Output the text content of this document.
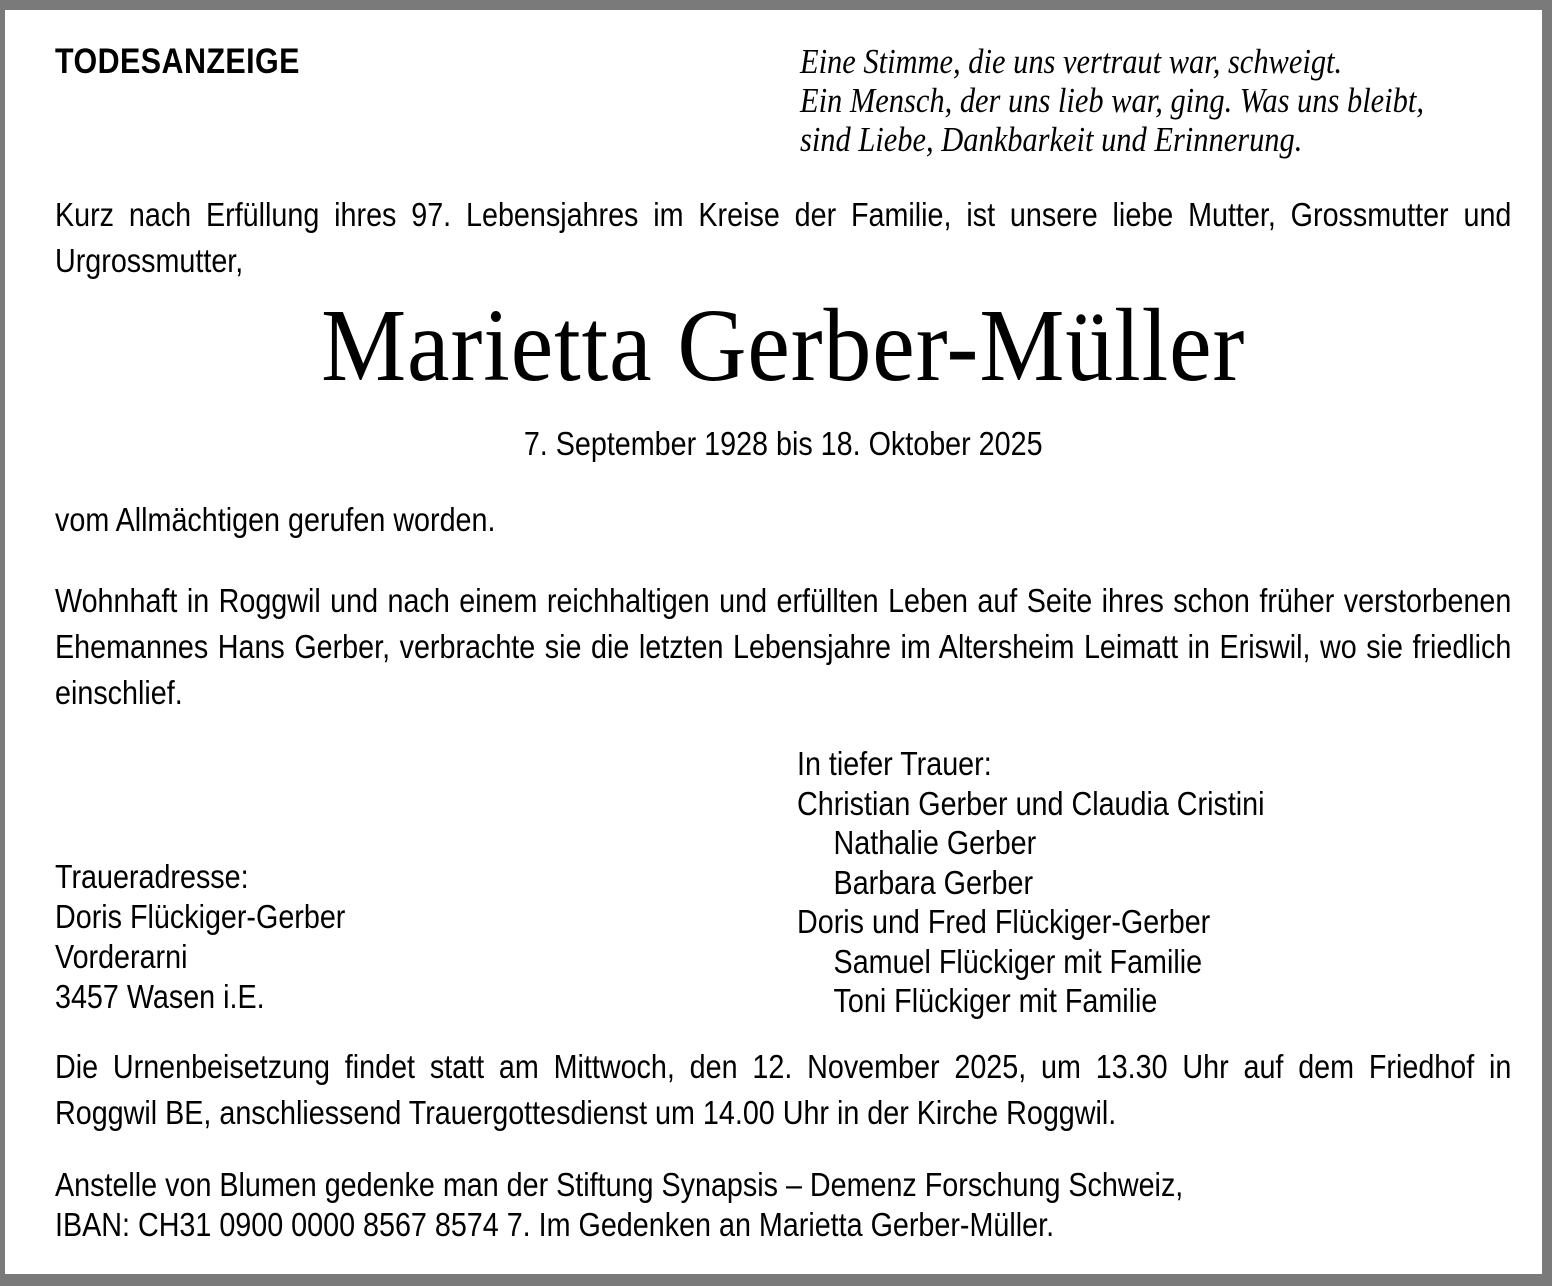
TODESANZEIGE	Eine Stimme, die uns vertraut war, schweigt.
Ein Mensch, der uns lieb war, ging. Was uns bleibt,
sind Liebe, Dankbarkeit und Erinnerung.

Kurz nach Erfüllung ihres 97. Lebensjahres im Kreise der Familie, ist unsere liebe Mutter, Grossmutter und Urgrossmutter,

Marietta Gerber-Müller
7. September 1928 bis 18. Oktober 2025
vom Allmächtigen gerufen worden.

Wohnhaft in Roggwil und nach einem reichhaltigen und erfüllten Leben auf Seite ihres schon früher verstorbenen Ehemannes Hans Gerber, verbrachte sie die letzten Lebensjahre im Altersheim Leimatt in Eriswil, wo sie friedlich einschlief.

In tiefer Trauer:
Christian Gerber und Claudia Cristini
Nathalie Gerber
Barbara Gerber
Doris und Fred Flückiger-Gerber
Samuel Flückiger mit Familie
Toni Flückiger mit Familie
Traueradresse:
Doris Flückiger-Gerber
Vorderarni
3457 Wasen i.E.

Die Urnenbeisetzung findet statt am Mittwoch, den 12. November 2025, um 13.30 Uhr auf dem Friedhof in Roggwil BE, anschliessend Trauergottesdienst um 14.00 Uhr in der Kirche Roggwil.

Anstelle von Blumen gedenke man der Stiftung Synapsis – Demenz Forschung Schweiz,
IBAN: CH31 0900 0000 8567 8574 7. Im Gedenken an Marietta Gerber-Müller.
